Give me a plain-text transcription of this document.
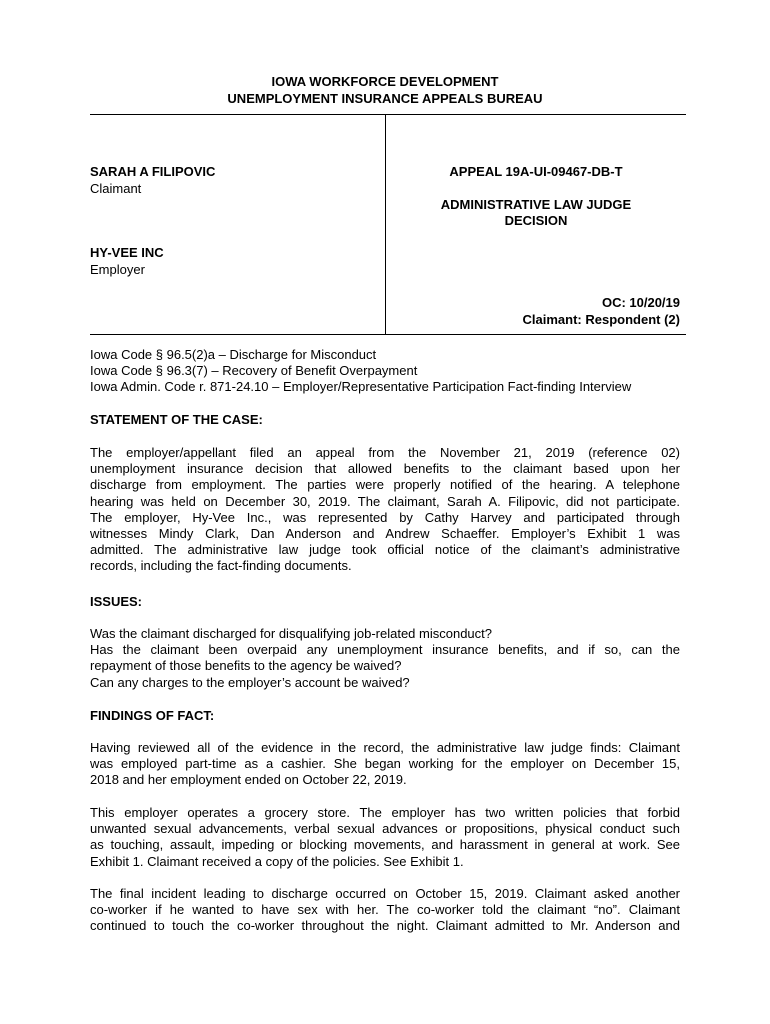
IOWA WORKFORCE DEVELOPMENT
UNEMPLOYMENT INSURANCE APPEALS BUREAU
SARAH A FILIPOVIC
Claimant
HY-VEE INC
Employer
APPEAL 19A-UI-09467-DB-T
ADMINISTRATIVE LAW JUDGE
DECISION
OC: 10/20/19
Claimant: Respondent (2)
Iowa Code § 96.5(2)a – Discharge for Misconduct
Iowa Code § 96.3(7) – Recovery of Benefit Overpayment
Iowa Admin. Code r. 871-24.10 – Employer/Representative Participation Fact-finding Interview
STATEMENT OF THE CASE:
The employer/appellant filed an appeal from the November 21, 2019 (reference 02)
unemployment insurance decision that allowed benefits to the claimant based upon her
discharge from employment. The parties were properly notified of the hearing. A telephone
hearing was held on December 30, 2019. The claimant, Sarah A. Filipovic, did not participate.
The employer, Hy-Vee Inc., was represented by Cathy Harvey and participated through
witnesses Mindy Clark, Dan Anderson and Andrew Schaeffer. Employer’s Exhibit 1 was
admitted. The administrative law judge took official notice of the claimant’s administrative
records, including the fact-finding documents.
ISSUES:
Was the claimant discharged for disqualifying job-related misconduct?
Has the claimant been overpaid any unemployment insurance benefits, and if so, can the
repayment of those benefits to the agency be waived?
Can any charges to the employer’s account be waived?
FINDINGS OF FACT:
Having reviewed all of the evidence in the record, the administrative law judge finds: Claimant
was employed part-time as a cashier. She began working for the employer on December 15,
2018 and her employment ended on October 22, 2019.
This employer operates a grocery store. The employer has two written policies that forbid
unwanted sexual advancements, verbal sexual advances or propositions, physical conduct such
as touching, assault, impeding or blocking movements, and harassment in general at work. See
Exhibit 1. Claimant received a copy of the policies. See Exhibit 1.
The final incident leading to discharge occurred on October 15, 2019. Claimant asked another
co-worker if he wanted to have sex with her. The co-worker told the claimant “no”. Claimant
continued to touch the co-worker throughout the night. Claimant admitted to Mr. Anderson and
